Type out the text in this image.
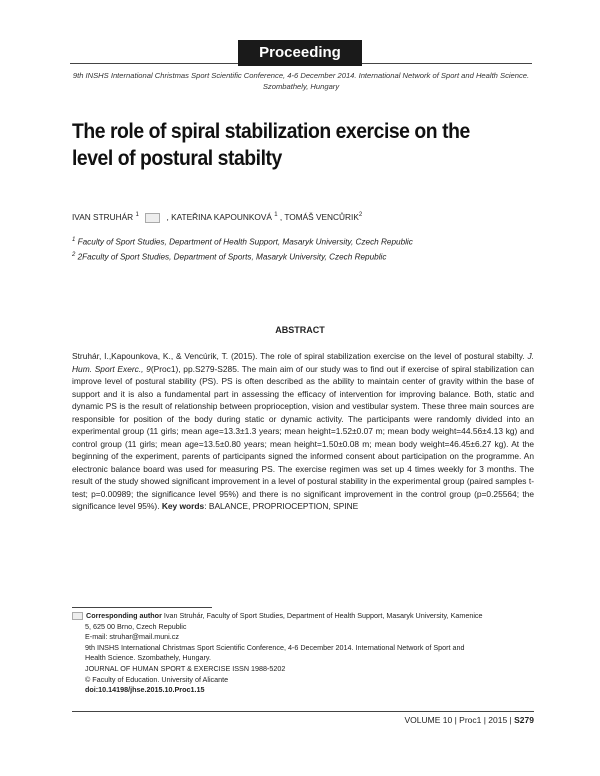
Proceeding
9th INSHS International Christmas Sport Scientific Conference, 4-6 December 2014. International Network of Sport and Health Science. Szombathely, Hungary
The role of spiral stabilization exercise on the level of postural stabilty
IVAN STRUHÁR $^1$	, KATEŘINA KAPOUNKOVÁ $^1$ , TOMÁŠ VENCŮRIK$^2$
$^1$ Faculty of Sport Studies, Department of Health Support, Masaryk University, Czech Republic
$^2$ 2Faculty of Sport Studies, Department of Sports, Masaryk University, Czech Republic
ABSTRACT
Struhár, I.,Kapounkova, K., & Vencúrik, T. (2015). The role of spiral stabilization exercise on the level of postural stabilty. J. Hum. Sport Exerc., 9(Proc1), pp.S279-S285. The main aim of our study was to find out if exercise of spiral stabilization can improve level of postural stability (PS). PS is often described as the ability to maintain center of gravity within the base of support and it is also a fundamental part in assessing the efficacy of intervention for improving balance. Both, static and dynamic PS is the result of relationship between proprioception, vision and vestibular system. These three main sources are responsible for position of the body during static or dynamic activity. The participants were randomly divided into an experimental group (11 girls; mean age=13.3±1.3 years; mean height=1.52±0.07 m; mean body weight=44.56±4.13 kg) and control group (11 girls; mean age=13.5±0.80 years; mean height=1.50±0.08 m; mean body weight=46.45±6.27 kg). At the beginning of the experiment, parents of participants signed the informed consent about participation on the programme. An electronic balance board was used for measuring PS. The exercise regimen was set up 4 times weekly for 3 months. The result of the study showed significant improvement in a level of postural stability in the experimental group (paired samples t-test; p=0.00989; the significance level 95%) and there is no significant improvement in the control group (p=0.25564; the significance level 95%). Key words: BALANCE, PROPRIOCEPTION, SPINE
Corresponding author Ivan Struhár, Faculty of Sport Studies, Department of Health Support, Masaryk University, Kamenice
5, 625 00 Brno, Czech Republic
E-mail: struhar@mail.muni.cz
9th INSHS International Christmas Sport Scientific Conference, 4-6 December 2014. International Network of Sport and
Health Science. Szombathely, Hungary.
JOURNAL OF HUMAN SPORT & EXERCISE ISSN 1988-5202
© Faculty of Education. University of Alicante
doi:10.14198/jhse.2015.10.Proc1.15
VOLUME 10 | Proc1 | 2015 | S279
